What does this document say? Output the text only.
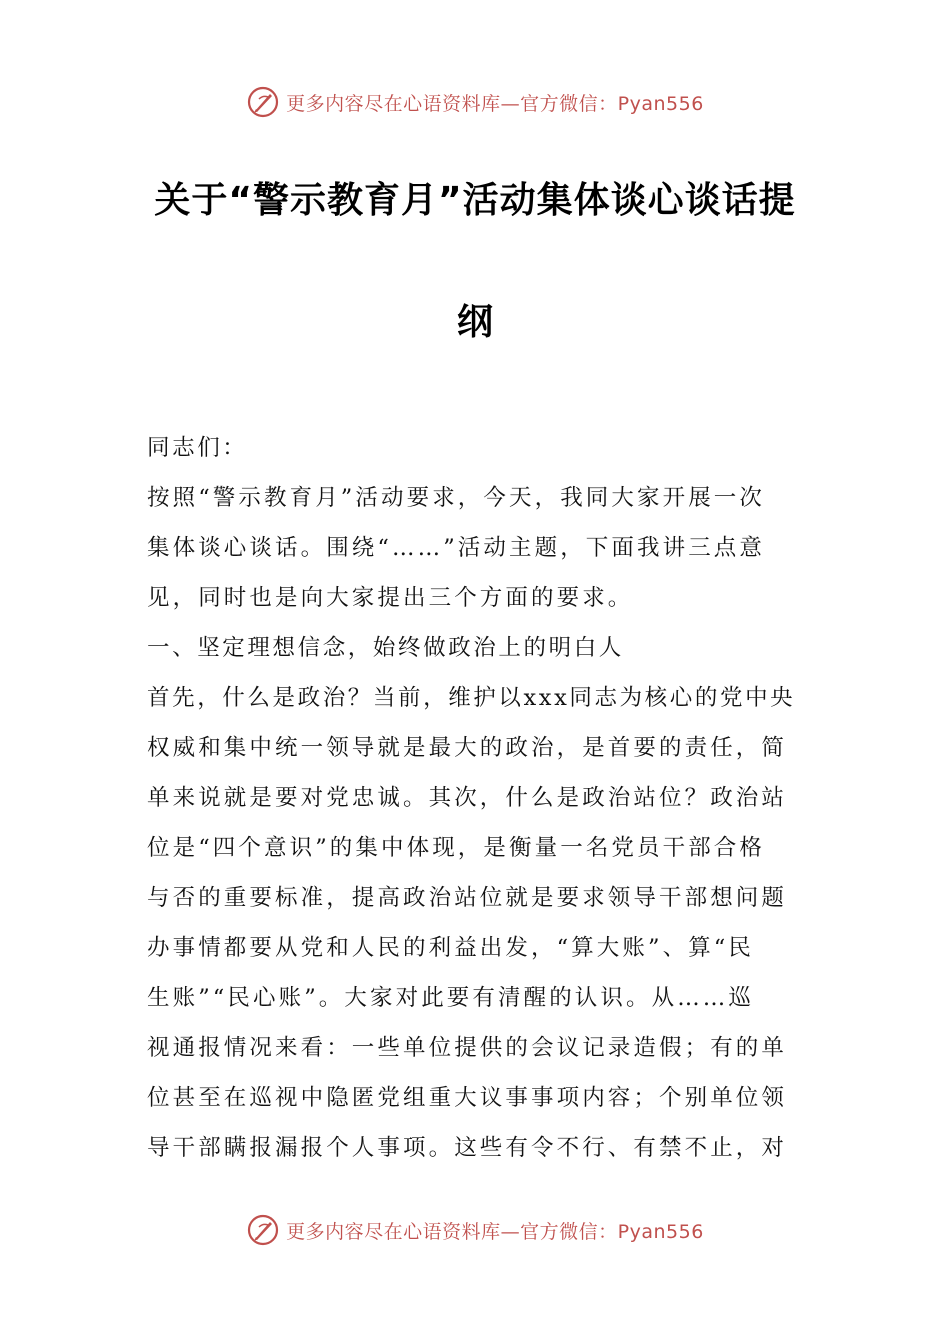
更多内容尽在心语资料库—官方微信：Pyan556
关于“警示教育月”活动集体谈心谈话提
纲
同志们：
按照“警示教育月”活动要求，今天，我同大家开展一次
集体谈心谈话。围绕“……”活动主题，下面我讲三点意
见，同时也是向大家提出三个方面的要求。
一、坚定理想信念，始终做政治上的明白人
首先，什么是政治？当前，维护以xxx同志为核心的党中央
权威和集中统一领导就是最大的政治，是首要的责任，简
单来说就是要对党忠诚。其次，什么是政治站位？政治站
位是“四个意识”的集中体现，是衡量一名党员干部合格
与否的重要标准，提高政治站位就是要求领导干部想问题
办事情都要从党和人民的利益出发，“算大账”、算“民
生账”“民心账”。大家对此要有清醒的认识。从……巡
视通报情况来看：一些单位提供的会议记录造假；有的单
位甚至在巡视中隐匿党组重大议事事项内容；个别单位领
导干部瞒报漏报个人事项。这些有令不行、有禁不止，对
更多内容尽在心语资料库—官方微信：Pyan556
